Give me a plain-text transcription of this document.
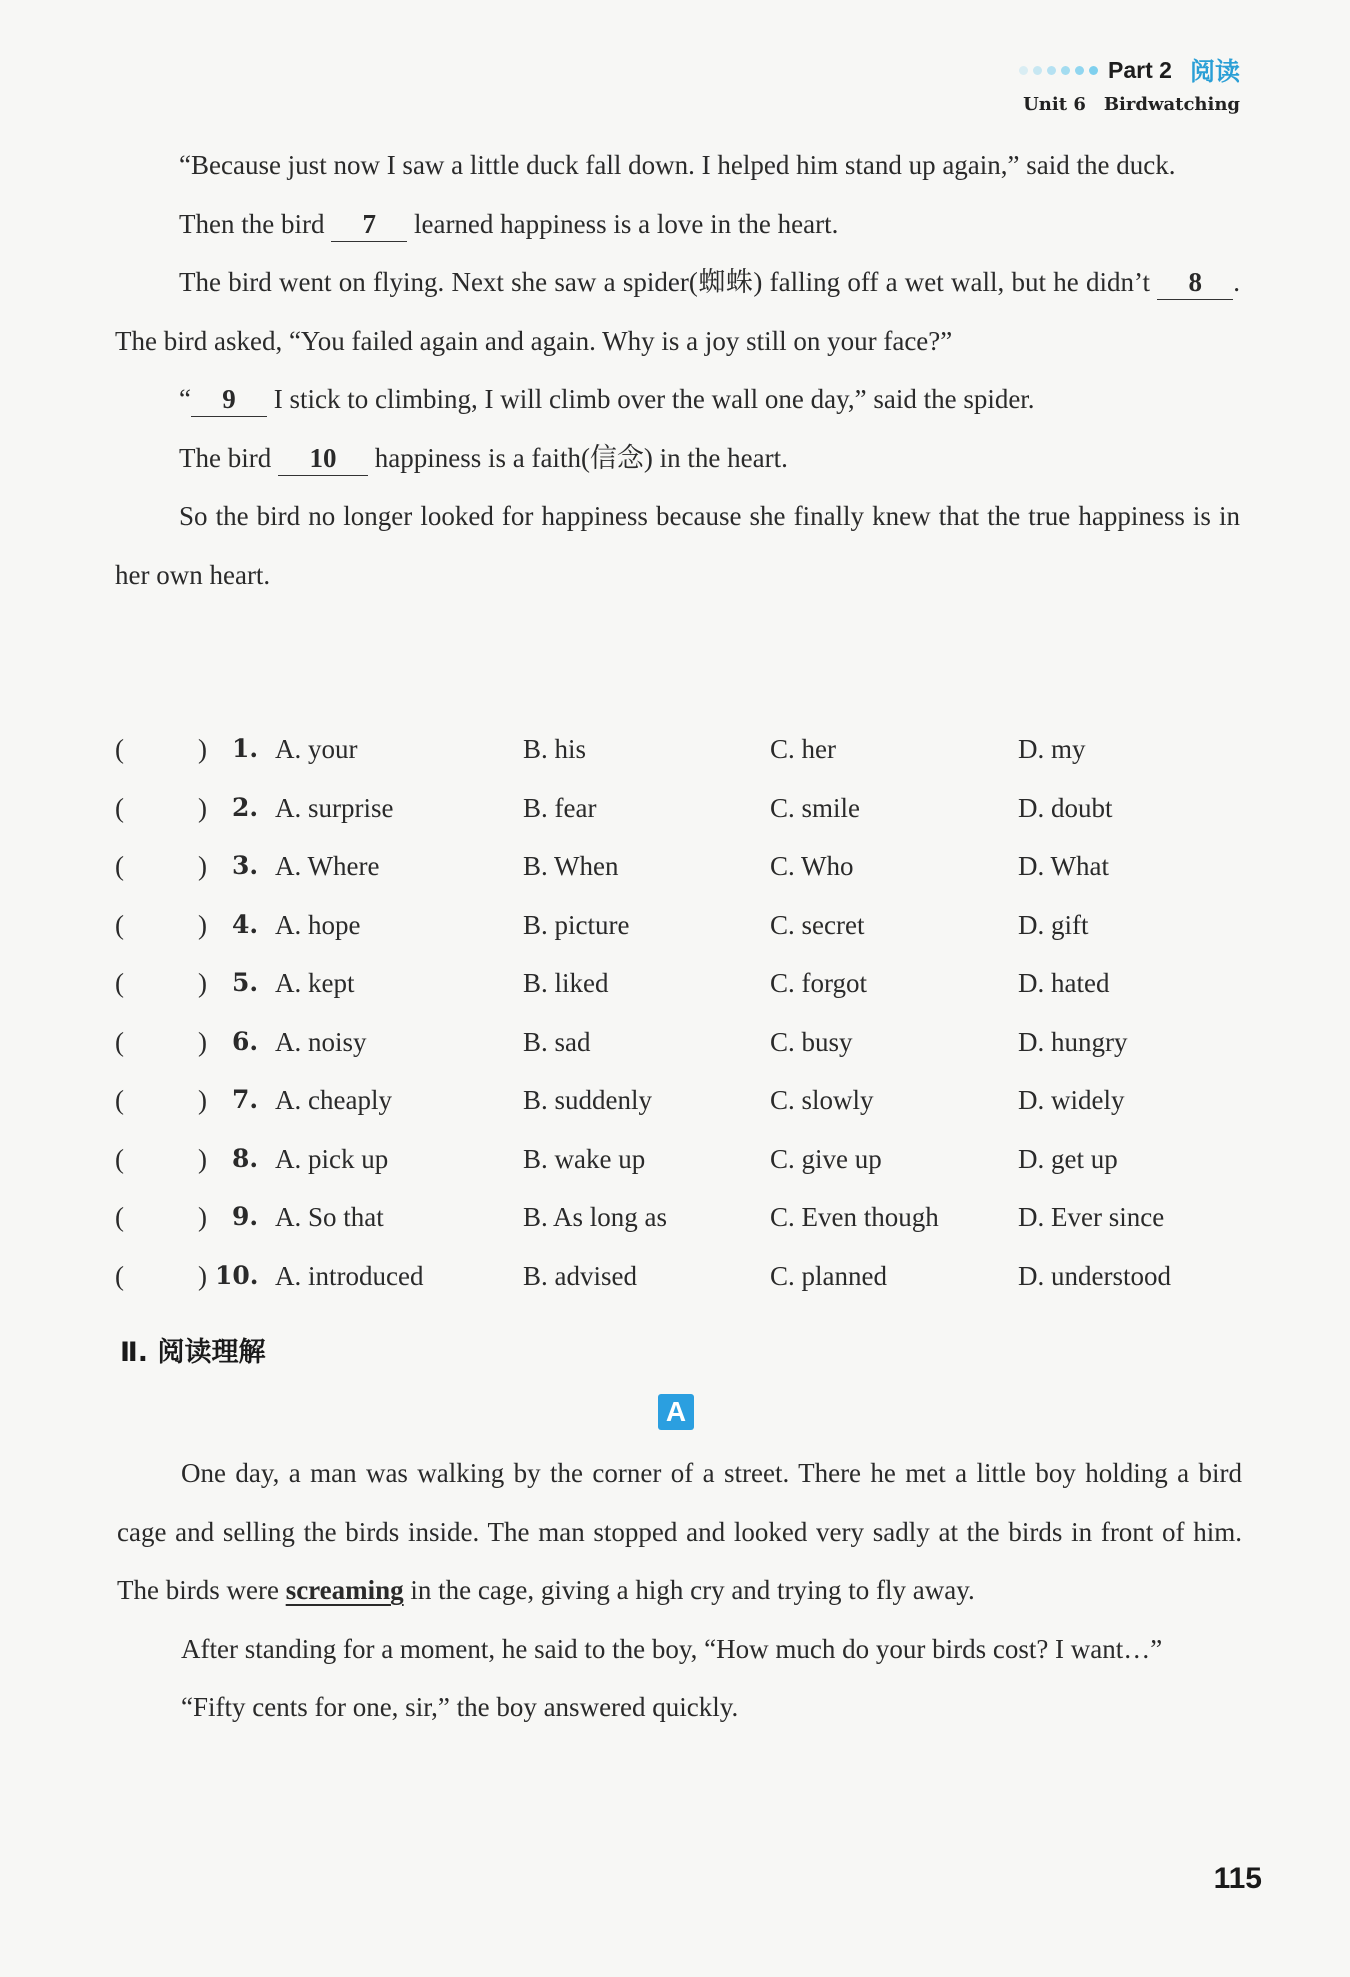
Part 2 阅读
Unit 6 Birdwatching

“Because just now I saw a little duck fall down. I helped him stand up again,” said the duck.

Then the bird 7 learned happiness is a love in the heart.

The bird went on flying. Next she saw a spider(蜘蛛) falling off a wet wall, but he didn’t 8 . The bird asked, “You failed again and again. Why is a joy still on your face?”

“ 9 I stick to climbing, I will climb over the wall one day,” said the spider.

The bird 10 happiness is a faith(信念) in the heart.

So the bird no longer looked for happiness because she finally knew that the true happiness is in her own heart.

(	) 1. A. your	B. his	C. her	D. my
(	) 2. A. surprise	B. fear	C. smile	D. doubt
(	) 3. A. Where	B. When	C. Who	D. What
(	) 4. A. hope	B. picture	C. secret	D. gift
(	) 5. A. kept	B. liked	C. forgot	D. hated
(	) 6. A. noisy	B. sad	C. busy	D. hungry
(	) 7. A. cheaply	B. suddenly	C. slowly	D. widely
(	) 8. A. pick up	B. wake up	C. give up	D. get up
(	) 9. A. So that	B. As long as	C. Even though	D. Ever since
(	) 10. A. introduced	B. advised	C. planned	D. understood
Ⅱ. 阅读理解
A

One day, a man was walking by the corner of a street. There he met a little boy holding a bird cage and selling the birds inside. The man stopped and looked very sadly at the birds in front of him. The birds were screaming in the cage, giving a high cry and trying to fly away.

After standing for a moment, he said to the boy, “How much do your birds cost? I want…”

“Fifty cents for one, sir,” the boy answered quickly.

115
